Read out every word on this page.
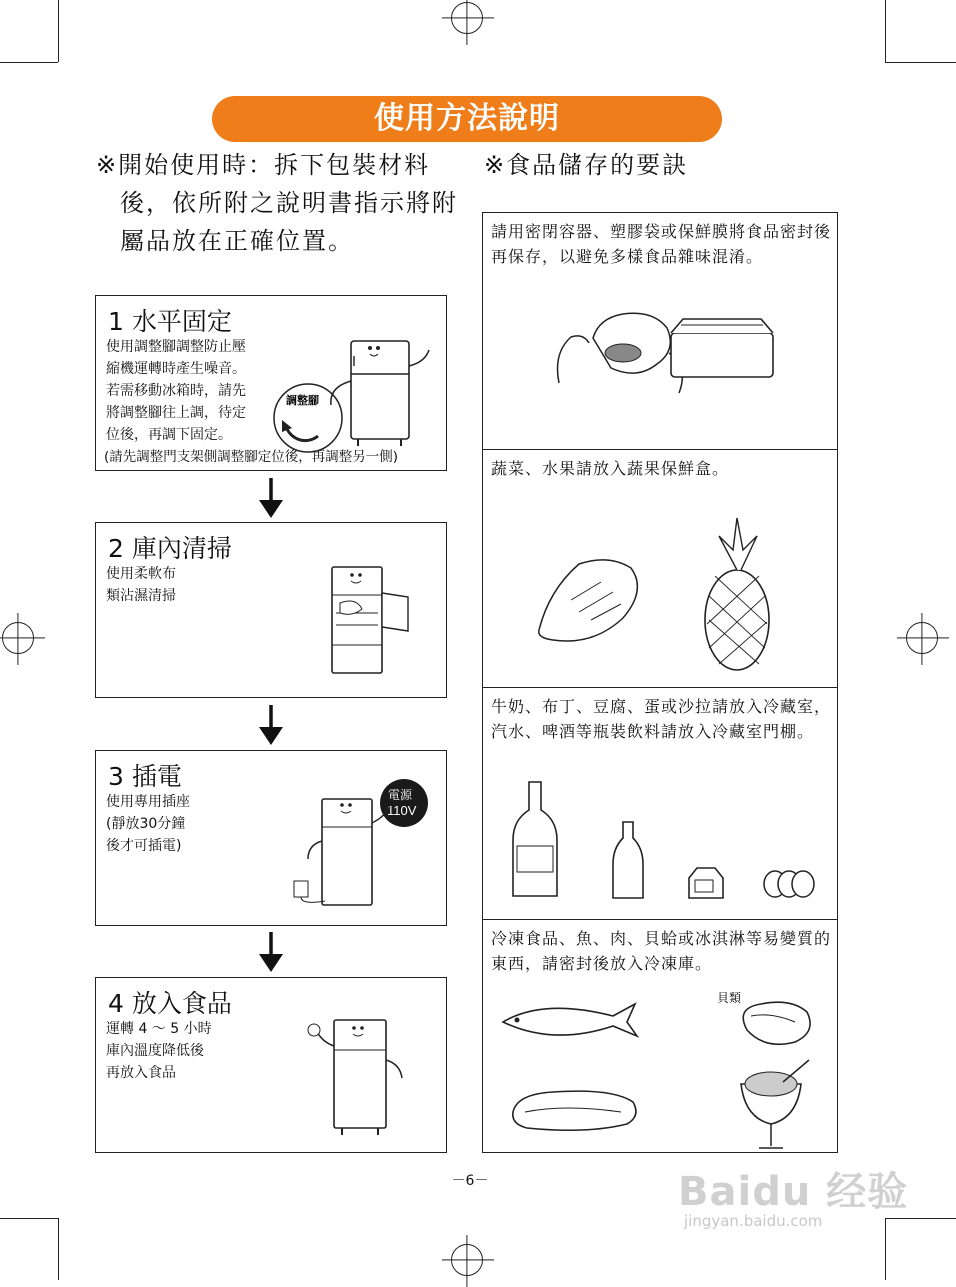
使用方法說明
※開始使用時：拆下包裝材料
後，依所附之說明書指示將附
屬品放在正確位置。
※食品儲存的要訣
1 水平固定
使用調整腳調整防止壓
縮機運轉時產生噪音。
若需移動冰箱時，請先
將調整腳往上調，待定
位後，再調下固定。
(請先調整門支架側調整腳定位後，再調整另一側)
調整腳
2 庫內清掃
使用柔軟布
類沾濕清掃
3 插電
使用專用插座
(靜放30分鐘
後才可插電)
電源
110V
4 放入食品
運轉 4 ～ 5 小時
庫內溫度降低後
再放入食品
請用密閉容器、塑膠袋或保鮮膜將食品密封後再保存，以避免多樣食品雜味混淆。
蔬菜、水果請放入蔬果保鮮盒。
牛奶、布丁、豆腐、蛋或沙拉請放入冷藏室，汽水、啤酒等瓶裝飲料請放入冷藏室門棚。
冷凍食品、魚、肉、貝蛤或冰淇淋等易變質的東西，請密封後放入冷凍庫。
貝類
－6－	Baidu 经验
jingyan.baidu.com
